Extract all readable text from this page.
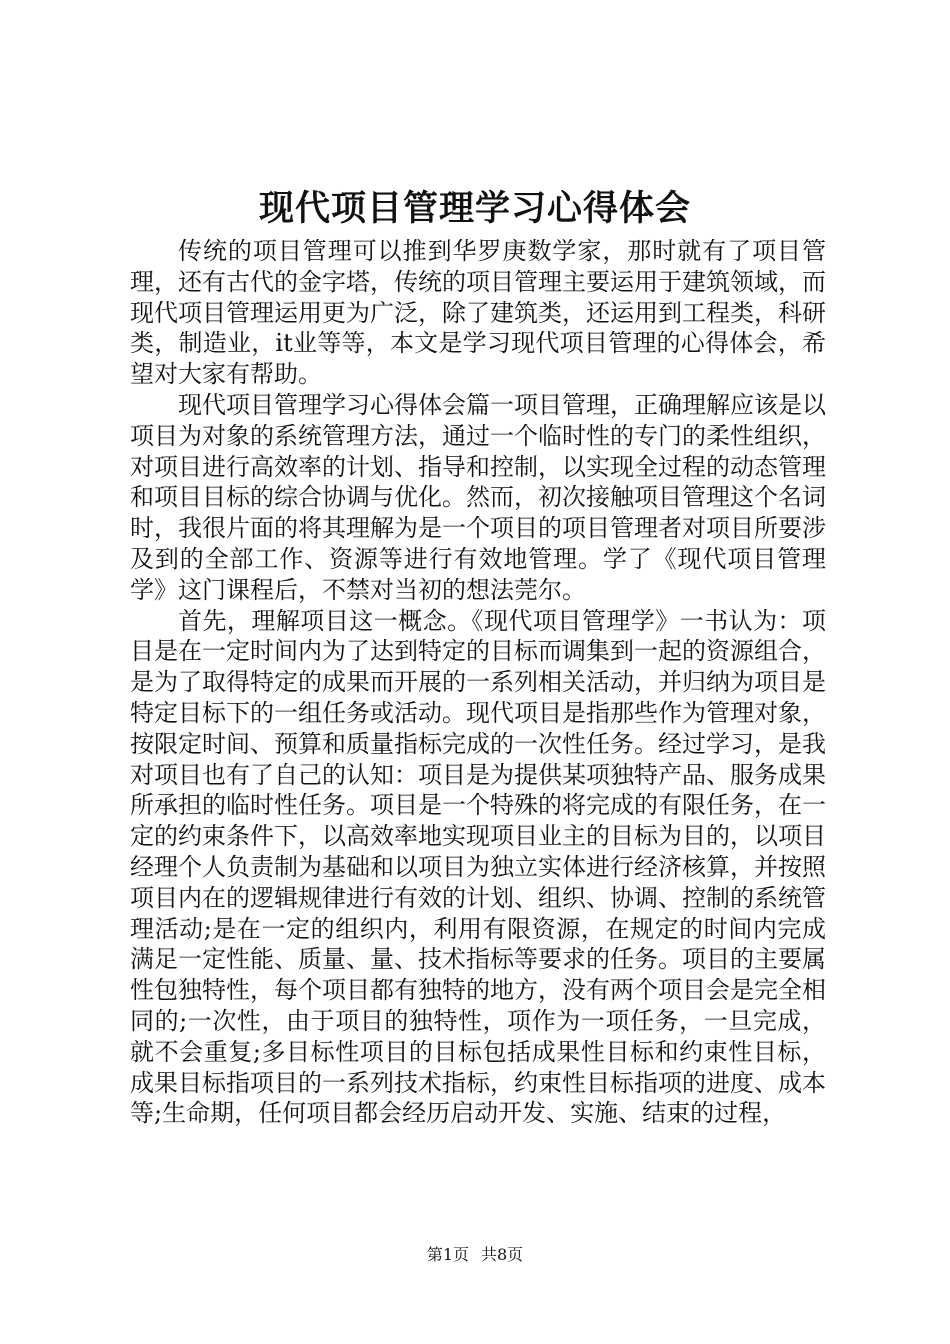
现代项目管理学习心得体会

传统的项目管理可以推到华罗庚数学家，那时就有了项目管理，还有古代的金字塔，传统的项目管理主要运用于建筑领域，而现代项目管理运用更为广泛，除了建筑类，还运用到工程类，科研类，制造业，it业等等，本文是学习现代项目管理的心得体会，希望对大家有帮助。

现代项目管理学习心得体会篇一项目管理，正确理解应该是以项目为对象的系统管理方法，通过一个临时性的专门的柔性组织，对项目进行高效率的计划、指导和控制，以实现全过程的动态管理和项目目标的综合协调与优化。然而，初次接触项目管理这个名词时，我很片面的将其理解为是一个项目的项目管理者对项目所要涉及到的全部工作、资源等进行有效地管理。学了《现代项目管理学》这门课程后，不禁对当初的想法莞尔。

首先，理解项目这一概念。《现代项目管理学》一书认为：项目是在一定时间内为了达到特定的目标而调集到一起的资源组合，是为了取得特定的成果而开展的一系列相关活动，并归纳为项目是特定目标下的一组任务或活动。现代项目是指那些作为管理对象，按限定时间、预算和质量指标完成的一次性任务。经过学习，是我对项目也有了自己的认知：项目是为提供某项独特产品、服务成果所承担的临时性任务。项目是一个特殊的将完成的有限任务，在一定的约束条件下，以高效率地实现项目业主的目标为目的，以项目经理个人负责制为基础和以项目为独立实体进行经济核算，并按照项目内在的逻辑规律进行有效的计划、组织、协调、控制的系统管理活动;是在一定的组织内，利用有限资源，在规定的时间内完成满足一定性能、质量、量、技术指标等要求的任务。项目的主要属性包独特性，每个项目都有独特的地方，没有两个项目会是完全相同的;一次性，由于项目的独特性，项作为一项任务，一旦完成，就不会重复;多目标性项目的目标包括成果性目标和约束性目标，成果目标指项目的一系列技术指标，约束性目标指项的进度、成本等;生命期，任何项目都会经历启动开发、实施、结束的过程，

第1页 共8页
